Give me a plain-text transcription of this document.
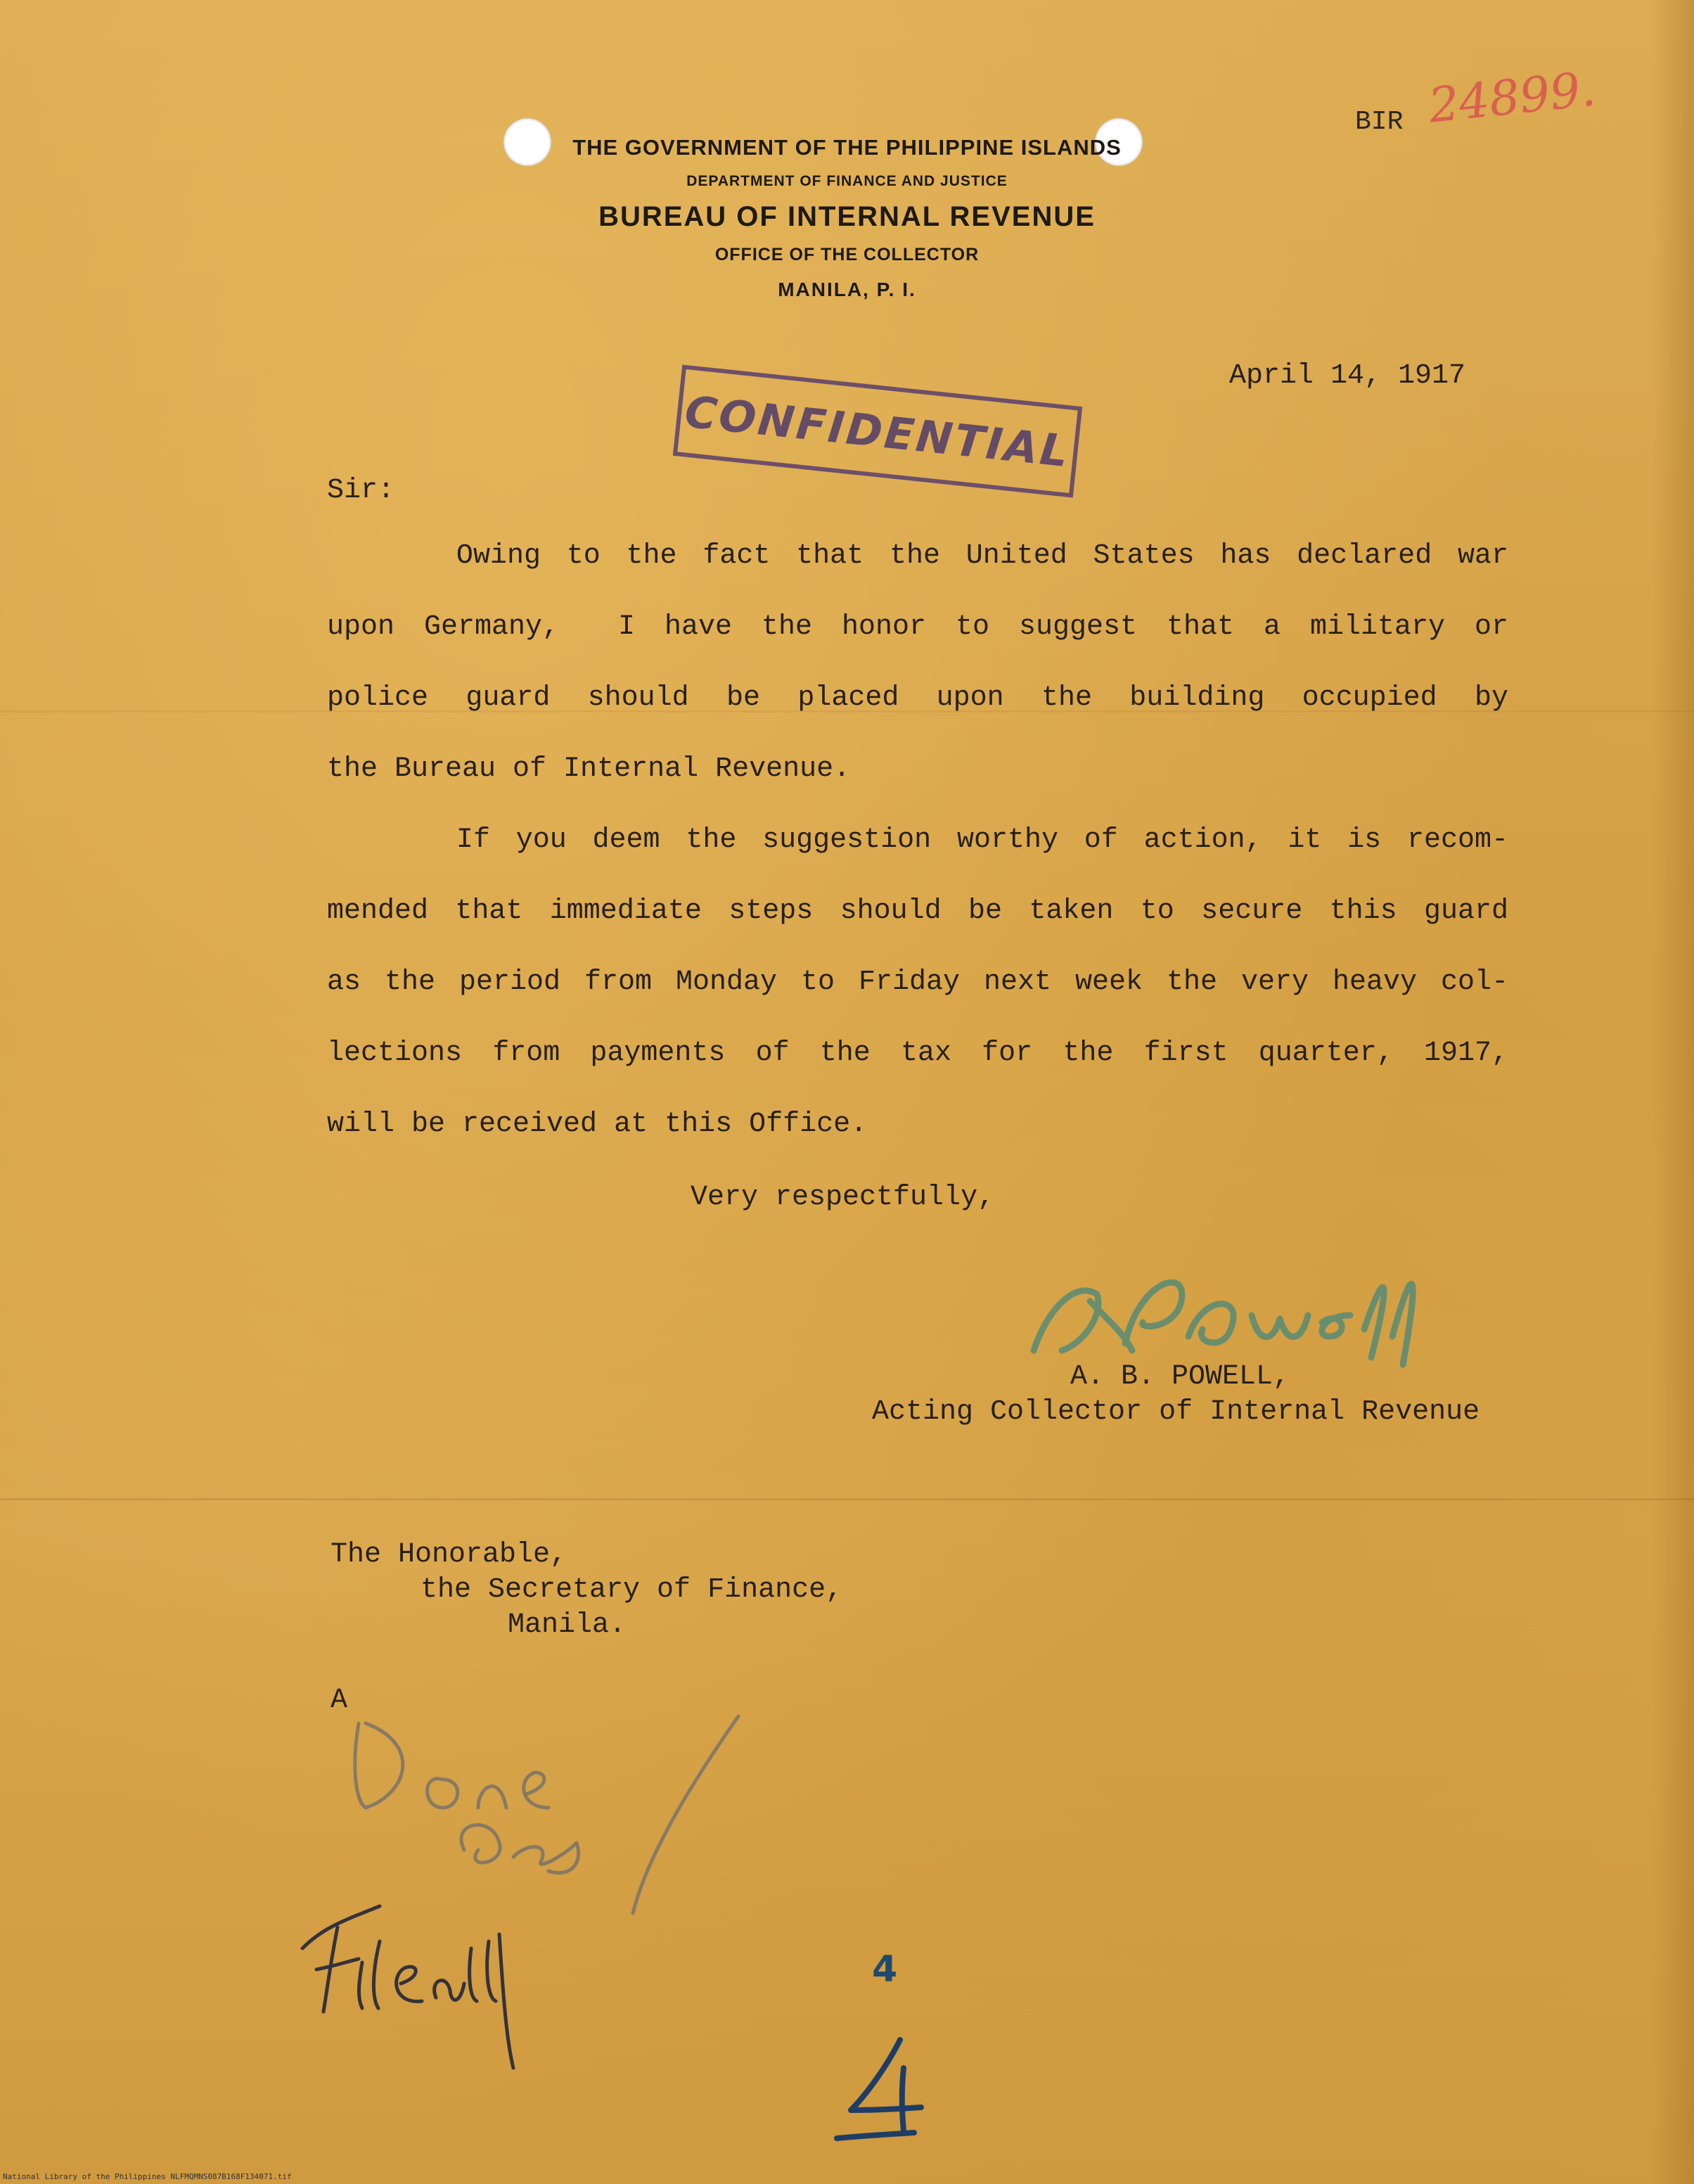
THE GOVERNMENT OF THE PHILIPPINE ISLANDS
DEPARTMENT OF FINANCE AND JUSTICE
BUREAU OF INTERNAL REVENUE
OFFICE OF THE COLLECTOR
MANILA, P. I.
BIR 24899.
CONFIDENTIAL
April 14, 1917
Sir:
Owing to the fact that the United States has declared war
upon Germany,  I have the honor to suggest that a military or
police guard should be placed upon the building occupied by
the Bureau of Internal Revenue.
If you deem the suggestion worthy of action, it is recom-
mended that immediate steps should be taken to secure this guard
as the period from Monday to Friday next week the very heavy col-
lections from payments of the tax for the first quarter, 1917,
will be received at this Office.
Very respectfully,
A. B. POWELL,
Acting Collector of Internal Revenue
The Honorable,
the Secretary of Finance,
Manila.
A
4
National Library of the Philippines NLFMQMNS087B168F134071.tif
